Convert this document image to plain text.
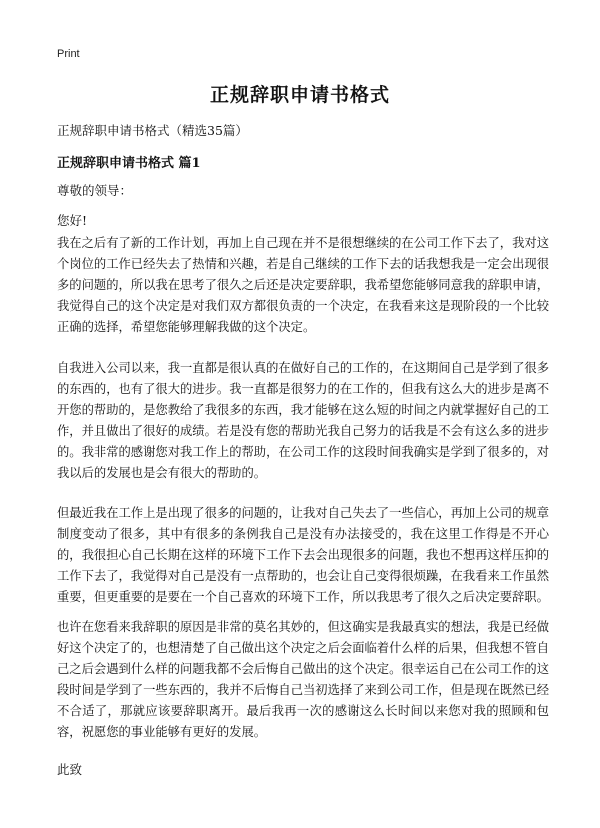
Print
正规辞职申请书格式
正规辞职申请书格式（精选35篇）
正规辞职申请书格式 篇1
尊敬的领导：
您好!
我在之后有了新的工作计划，再加上自己现在并不是很想继续的在公司工作下去了，我对这个岗位的工作已经失去了热情和兴趣，若是自己继续的工作下去的话我想我是一定会出现很多的问题的，所以我在思考了很久之后还是决定要辞职，我希望您能够同意我的辞职申请，我觉得自己的这个决定是对我们双方都很负责的一个决定，在我看来这是现阶段的一个比较正确的选择，希望您能够理解我做的这个决定。
自我进入公司以来，我一直都是很认真的在做好自己的工作的，在这期间自己是学到了很多的东西的，也有了很大的进步。我一直都是很努力的在工作的，但我有这么大的进步是离不开您的帮助的，是您教给了我很多的东西，我才能够在这么短的时间之内就掌握好自己的工作，并且做出了很好的成绩。若是没有您的帮助光我自己努力的话我是不会有这么多的进步的。我非常的感谢您对我工作上的帮助，在公司工作的这段时间我确实是学到了很多的，对我以后的发展也是会有很大的帮助的。
但最近我在工作上是出现了很多的问题的，让我对自己失去了一些信心，再加上公司的规章制度变动了很多，其中有很多的条例我自己是没有办法接受的，我在这里工作得是不开心的，我很担心自己长期在这样的环境下工作下去会出现很多的问题，我也不想再这样压抑的工作下去了，我觉得对自己是没有一点帮助的，也会让自己变得很烦躁，在我看来工作虽然重要，但更重要的是要在一个自己喜欢的环境下工作，所以我思考了很久之后决定要辞职。
也许在您看来我辞职的原因是非常的莫名其妙的，但这确实是我最真实的想法，我是已经做好这个决定了的，也想清楚了自己做出这个决定之后会面临着什么样的后果，但我想不管自己之后会遇到什么样的问题我都不会后悔自己做出的这个决定。很幸运自己在公司工作的这段时间是学到了一些东西的，我并不后悔自己当初选择了来到公司工作，但是现在既然已经不合适了，那就应该要辞职离开。最后我再一次的感谢这么长时间以来您对我的照顾和包容，祝愿您的事业能够有更好的发展。
此致
